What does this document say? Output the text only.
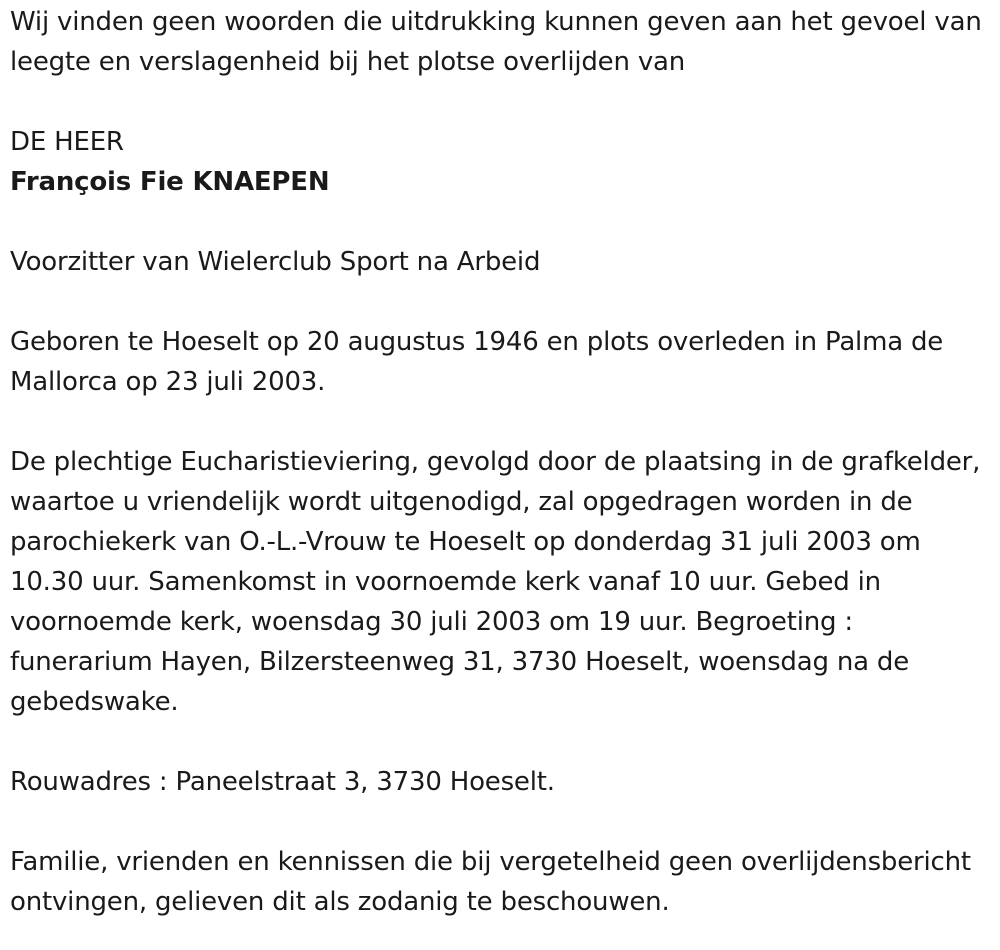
Wij vinden geen woorden die uitdrukking kunnen geven aan het gevoel van leegte en verslagenheid bij het plotse overlijden van

DE HEER

François Fie KNAEPEN

Voorzitter van Wielerclub Sport na Arbeid

Geboren te Hoeselt op 20 augustus 1946 en plots overleden in Palma de Mallorca op 23 juli 2003.

De plechtige Eucharistieviering, gevolgd door de plaatsing in de grafkelder, waartoe u vriendelijk wordt uitgenodigd, zal opgedragen worden in de parochiekerk van O.-L.-Vrouw te Hoeselt op donderdag 31 juli 2003 om 10.30 uur. Samenkomst in voornoemde kerk vanaf 10 uur. Gebed in voornoemde kerk, woensdag 30 juli 2003 om 19 uur. Begroeting : funerarium Hayen, Bilzersteenweg 31, 3730 Hoeselt, woensdag na de gebedswake.

Rouwadres : Paneelstraat 3, 3730 Hoeselt.

Familie, vrienden en kennissen die bij vergetelheid geen overlijdensbericht ontvingen, gelieven dit als zodanig te beschouwen.
